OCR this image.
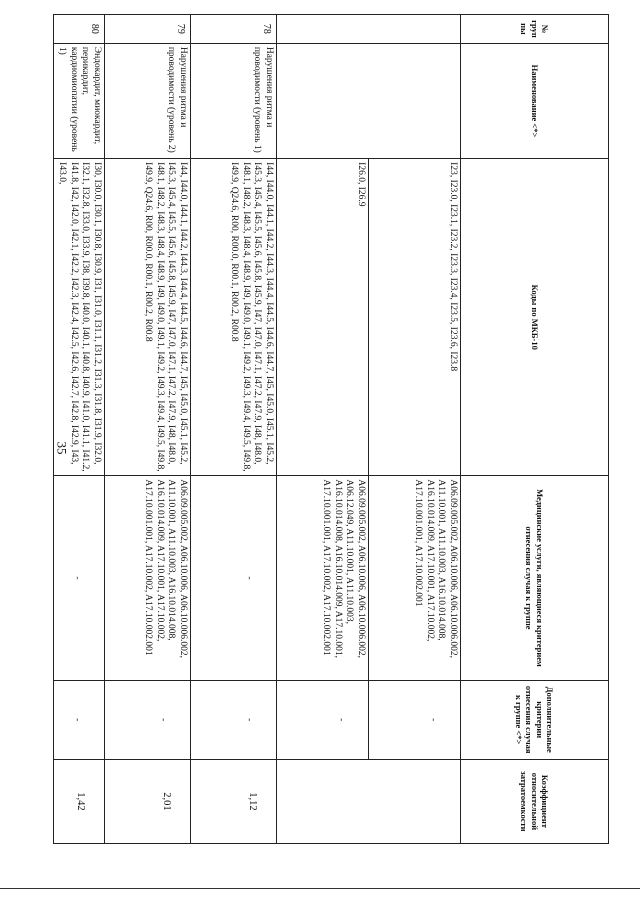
35
№ груп пы	Наименование <*>	Коды по МКБ-10	Медицинские услуги, являющиеся критерием отнесения случая к группе	Дополнительные критерии отнесения случая к группе <*>	Коэффициент относительной затратоемкости
		I23, I23.0, I23.1, I23.2, I23.3, I23.4, I23.5, I23.6, I23.8	A06.09.005.002, A06.10.006, A06.10.006.002, A11.10.001, A11.10.003, A16.10.014.008, A16.10.014.009, A17.10.001, A17.10.002, A17.10.001.001, A17.10.002.001	-	

		I26.0, I26.9	A06.09.005.002, A06.10.006, A06.10.006.002, A06.12.049, A11.10.001, A11.10.003, A16.10.014.008, A16.10.014.009, A17.10.001, A17.10.001.001, A17.10.002, A17.10.002.001	-	

78	Нарушения ритма и проводимости (уровень 1)	I44, I44.0, I44.1, I44.2, I44.3, I44.4, I44.5, I44.6, I44.7, I45, I45.0, I45.1, I45.2, I45.3, I45.4, I45.5, I45.6, I45.8, I45.9, I47, I47.0, I47.1, I47.2, I47.9, I48, I48.0, I48.1, I48.2, I48.3, I48.4, I48.9, I49, I49.0, I49.1, I49.2, I49.3, I49.4, I49.5, I49.8, I49.9, Q24.6, R00, R00.0, R00.1, R00.2, R00.8	-	-	1,12
79	Нарушения ритма и проводимости (уровень 2)	I44, I44.0, I44.1, I44.2, I44.3, I44.4, I44.5, I44.6, I44.7, I45, I45.0, I45.1, I45.2, I45.3, I45.4, I45.5, I45.6, I45.8, I45.9, I47, I47.0, I47.1, I47.2, I47.9, I48, I48.0, I48.1, I48.2, I48.3, I48.4, I48.9, I49, I49.0, I49.1, I49.2, I49.3, I49.4, I49.5, I49.8, I49.9, Q24.6, R00, R00.0, R00.1, R00.2, R00.8	A06.09.005.002, A06.10.006, A06.10.006.002, A11.10.001, A11.10.003, A16.10.014.008, A16.10.014.009, A17.10.001, A17.10.002, A17.10.001.001, A17.10.002, A17.10.002.001	-	2,01
80	Эндокардит, миокардит, перикардит, кардиомиопатии (уровень 1)	I30, I30.0, I30.1, I30.8, I30.9, I31, I31.0, I31.1, I31.2, I31.3, I31.8, I31.9, I32.0, I32.1, I32.8, I33.0, I33.9, I38, I39.8, I40.0, I40.1, I40.8, I40.9, I41.0, I41.1, I41.2, I41.8, I42, I42.0, I42.1, I42.2, I42.3, I42.4, I42.5, I42.6, I42.7, I42.8, I42.9, I43, I43.0,	-	-	1,42
